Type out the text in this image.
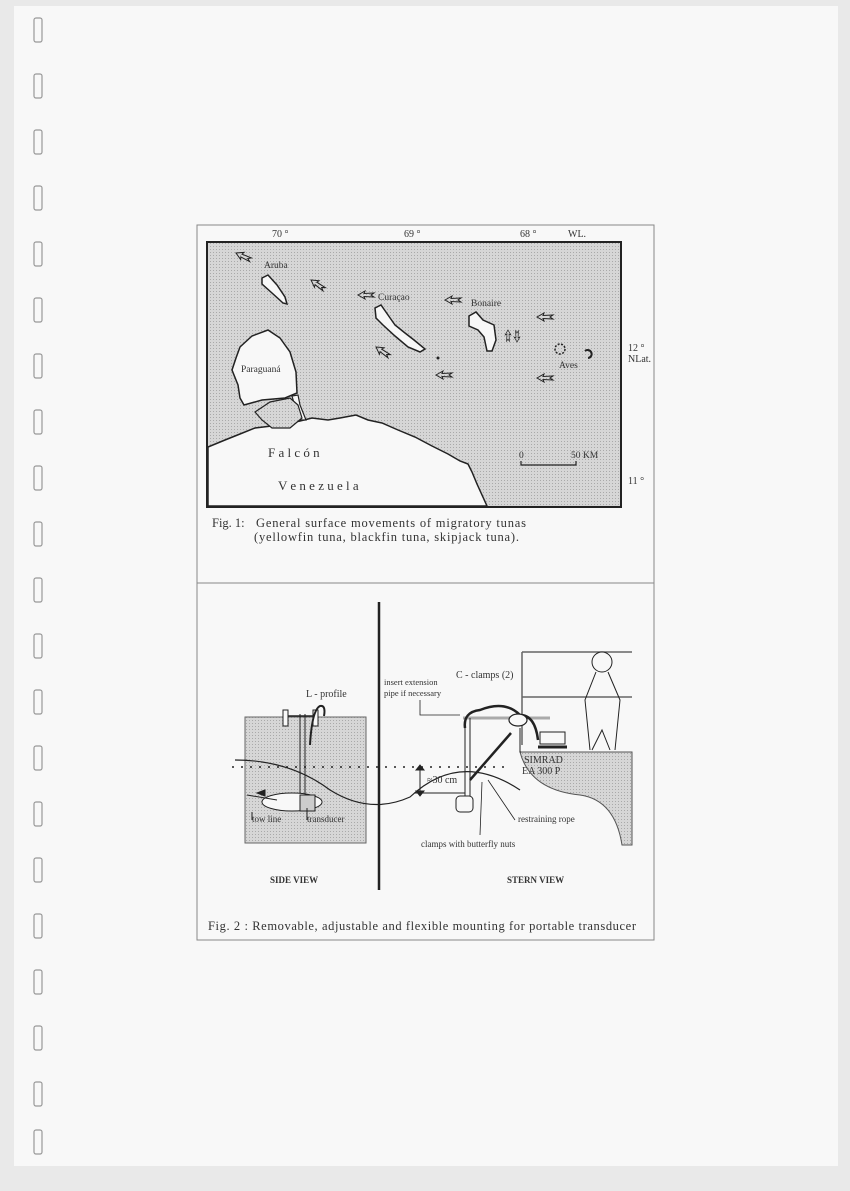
70 °	69 °	68 °	WL.
12 °
NLat.
11 °
Aruba
Curaçao
Bonaire
Aves
Paraguaná
F a l c ó n
V e n e z u e l a
0	50 KM
Fig. 1: General surface movements of migratory tunas
(yellowfin tuna, blackfin tuna, skipjack tuna).
L - profile
insert extension
pipe if necessary
C - clamps (2)
SIMRAD
EA 300 P
≈30 cm
tow line	transducer	restraining rope
clamps with butterfly nuts
SIDE VIEW	STERN VIEW
Fig. 2 : Removable, adjustable and flexible mounting for portable transducer
